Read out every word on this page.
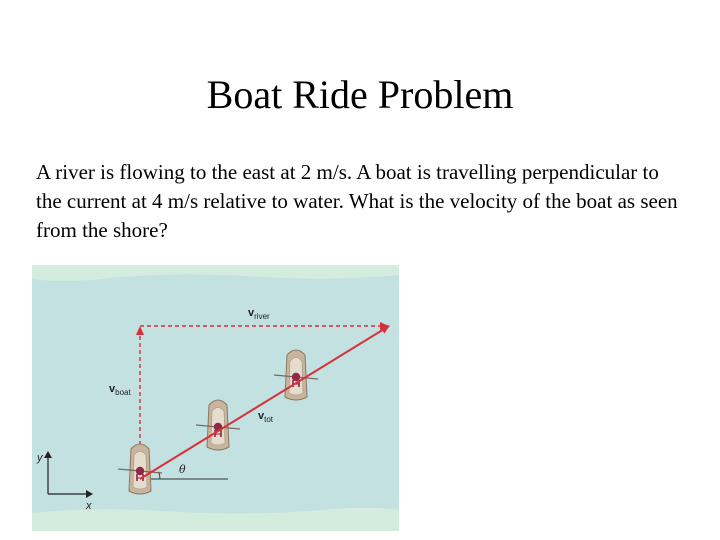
Boat Ride Problem
A river is flowing to the east at 2 m/s. A boat is travelling perpendicular to the current at 4 m/s relative to water. What is the velocity of the boat as seen from the shore?
y
x
vriver
vboat
vtot
θ
